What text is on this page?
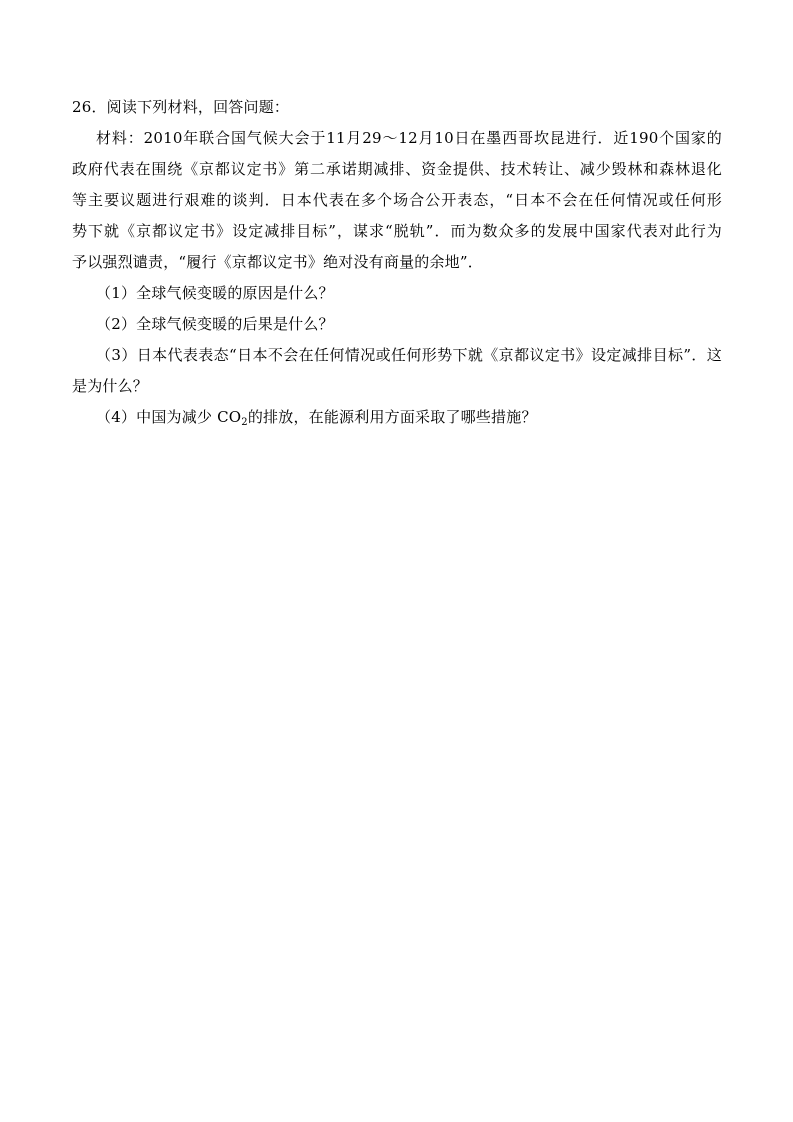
26．阅读下列材料，回答问题：

材料：2010年联合国气候大会于11月29～12月10日在墨西哥坎昆进行．近190个国家的

政府代表在围绕《京都议定书》第二承诺期减排、资金提供、技术转让、减少毁林和森林退化

等主要议题进行艰难的谈判．日本代表在多个场合公开表态，“日本不会在任何情况或任何形

势下就《京都议定书》设定减排目标”，谋求“脱轨”．而为数众多的发展中国家代表对此行为

予以强烈谴责，“履行《京都议定书》绝对没有商量的余地”．

（1）全球气候变暖的原因是什么？

（2）全球气候变暖的后果是什么？

（3）日本代表表态“日本不会在任何情况或任何形势下就《京都议定书》设定减排目标”．这

是为什么？

（4）中国为减少 $CO_2$的排放，在能源利用方面采取了哪些措施？
